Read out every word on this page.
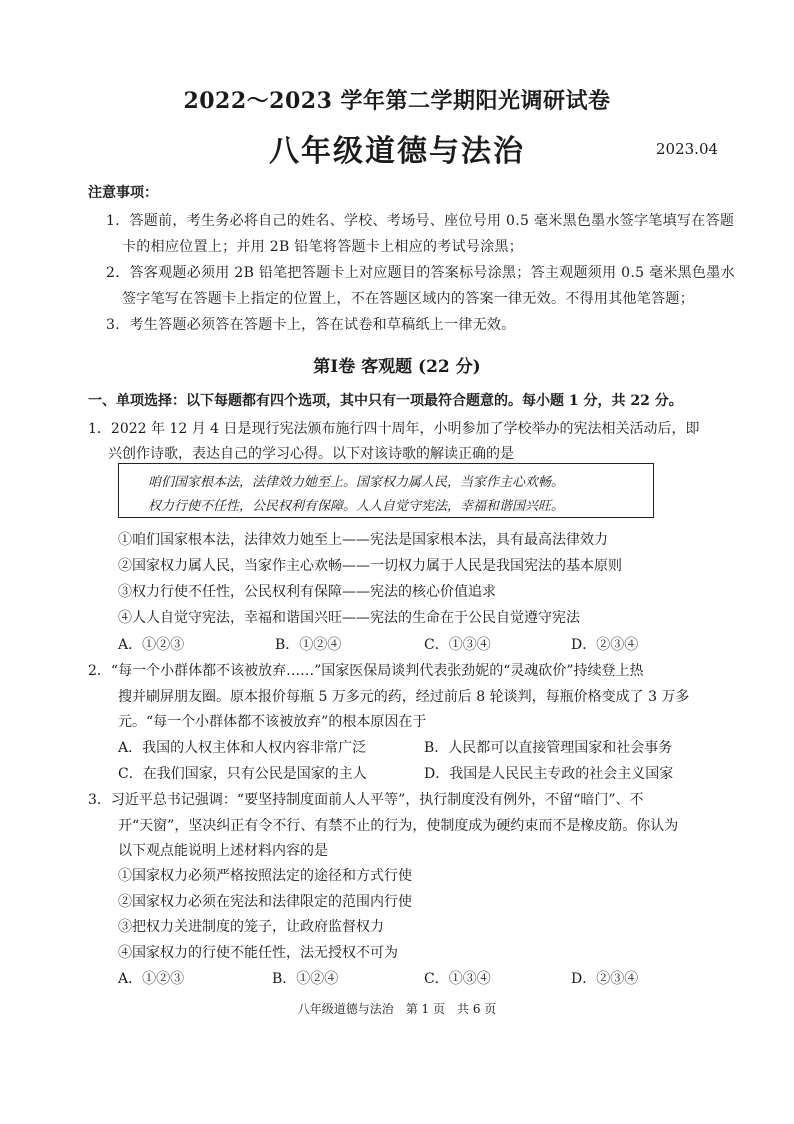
2022～2023 学年第二学期阳光调研试卷
八年级道德与法治	2023.04
注意事项：
1．答题前，考生务必将自己的姓名、学校、考场号、座位号用 0.5 毫米黑色墨水签字笔填写在答题
卡的相应位置上；并用 2B 铅笔将答题卡上相应的考试号涂黑；
2．答客观题必须用 2B 铅笔把答题卡上对应题目的答案标号涂黑；答主观题须用 0.5 毫米黑色墨水
签字笔写在答题卡上指定的位置上，不在答题区域内的答案一律无效。不得用其他笔答题；
3．考生答题必须答在答题卡上，答在试卷和草稿纸上一律无效。
第Ⅰ卷 客观题 (22 分)
一、单项选择：以下每题都有四个选项，其中只有一项最符合题意的。每小题 1 分，共 22 分。
1．2022 年 12 月 4 日是现行宪法颁布施行四十周年，小明参加了学校举办的宪法相关活动后，即
兴创作诗歌，表达自己的学习心得。以下对该诗歌的解读正确的是
咱们国家根本法，法律效力她至上。国家权力属人民，当家作主心欢畅。
权力行使不任性，公民权利有保障。人人自觉守宪法，幸福和谐国兴旺。
①咱们国家根本法，法律效力她至上——宪法是国家根本法，具有最高法律效力
②国家权力属人民，当家作主心欢畅——一切权力属于人民是我国宪法的基本原则
③权力行使不任性，公民权利有保障——宪法的核心价值追求
④人人自觉守宪法，幸福和谐国兴旺——宪法的生命在于公民自觉遵守宪法
A．①②③	B．①②④	C．①③④	D．②③④
2．“每一个小群体都不该被放弃……”国家医保局谈判代表张劲妮的“灵魂砍价”持续登上热
搜并刷屏朋友圈。原本报价每瓶 5 万多元的药，经过前后 8 轮谈判，每瓶价格变成了 3 万多
元。“每一个小群体都不该被放弃”的根本原因在于
A．我国的人权主体和人权内容非常广泛	B．人民都可以直接管理国家和社会事务
C．在我们国家，只有公民是国家的主人	D．我国是人民民主专政的社会主义国家
3．习近平总书记强调：“要坚持制度面前人人平等”，执行制度没有例外，不留“暗门”、不
开“天窗”，坚决纠正有令不行、有禁不止的行为，使制度成为硬约束而不是橡皮筋。你认为
以下观点能说明上述材料内容的是
①国家权力必须严格按照法定的途径和方式行使
②国家权力必须在宪法和法律限定的范围内行使
③把权力关进制度的笼子，让政府监督权力
④国家权力的行使不能任性，法无授权不可为
A．①②③	B．①②④	C．①③④	D．②③④
八年级道德与法治　第 1 页　共 6 页
